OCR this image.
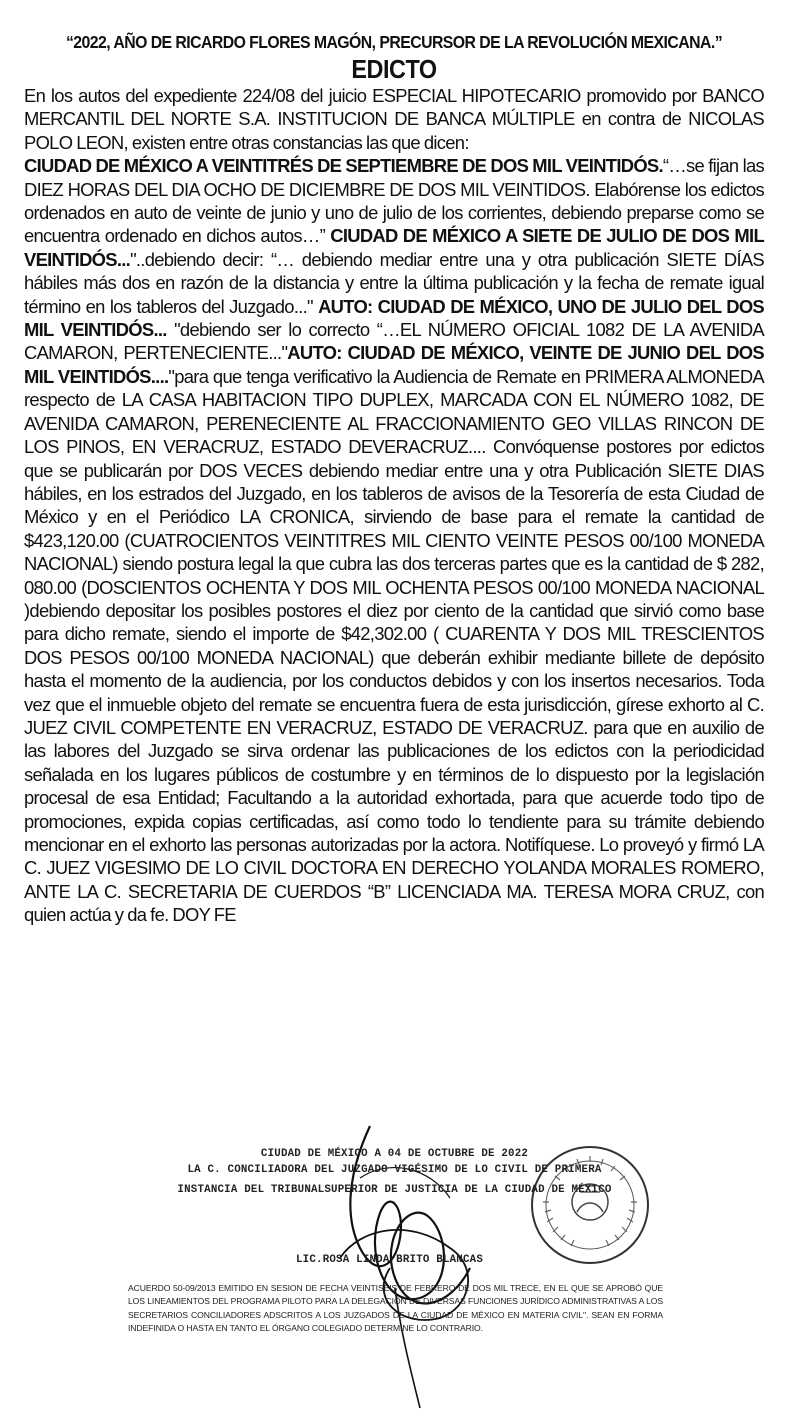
“2022, AÑO DE RICARDO FLORES MAGÓN, PRECURSOR DE LA REVOLUCIÓN MEXICANA.”

EDICTO

En los autos del expediente 224/08 del juicio ESPECIAL HIPOTECARIO promovido por BANCO MERCANTIL DEL NORTE S.A. INSTITUCION DE BANCA MÚLTIPLE en contra de NICOLAS POLO LEON, existen entre otras constancias las que dicen:
CIUDAD DE MÉXICO A VEINTITRÉS DE SEPTIEMBRE DE DOS MIL VEINTIDÓS.“…se fijan las DIEZ HORAS DEL DIA OCHO DE DICIEMBRE DE DOS MIL VEINTIDOS. Elabórense los edictos ordenados en auto de veinte de junio y uno de julio de los corrientes, debiendo preparse como se encuentra ordenado en dichos autos…” CIUDAD DE MÉXICO A SIETE DE JULIO DE DOS MIL VEINTIDÓS..."..debiendo decir: “… debiendo mediar entre una y otra publicación SIETE DÍAS hábiles más dos en razón de la distancia y entre la última publicación y la fecha de remate igual término en los tableros del Juzgado..." AUTO: CIUDAD DE MÉXICO, UNO DE JULIO DEL DOS MIL VEINTIDÓS... "debiendo ser lo correcto “…EL NÚMERO OFICIAL 1082 DE LA AVENIDA CAMARON, PERTENECIENTE..."AUTO: CIUDAD DE MÉXICO, VEINTE DE JUNIO DEL DOS MIL VEINTIDÓS...."para que tenga verificativo la Audiencia de Remate en PRIMERA ALMONEDA respecto de LA CASA HABITACION TIPO DUPLEX, MARCADA CON EL NÚMERO 1082, DE AVENIDA CAMARON, PERENECIENTE AL FRACCIONAMIENTO GEO VILLAS RINCON DE LOS PINOS, EN VERACRUZ, ESTADO DEVERACRUZ.... Convóquense postores por edictos que se publicarán por DOS VECES debiendo mediar entre una y otra Publicación SIETE DIAS hábiles, en los estrados del Juzgado, en los tableros de avisos de la Tesorería de esta Ciudad de México y en el Periódico LA CRONICA, sirviendo de base para el remate la cantidad de $423,120.00 (CUATROCIENTOS VEINTITRES MIL CIENTO VEINTE PESOS 00/100 MONEDA NACIONAL) siendo postura legal la que cubra las dos terceras partes que es la cantidad de $ 282, 080.00 (DOSCIENTOS OCHENTA Y DOS MIL OCHENTA PESOS 00/100 MONEDA NACIONAL )debiendo depositar los posibles postores el diez por ciento de la cantidad que sirvió como base para dicho remate, siendo el importe de $42,302.00 ( CUARENTA Y DOS MIL TRESCIENTOS DOS PESOS 00/100 MONEDA NACIONAL) que deberán exhibir mediante billete de depósito hasta el momento de la audiencia, por los conductos debidos y con los insertos necesarios. Toda vez que el inmueble objeto del remate se encuentra fuera de esta jurisdicción, gírese exhorto al C. JUEZ CIVIL COMPETENTE EN VERACRUZ, ESTADO DE VERACRUZ. para que en auxilio de las labores del Juzgado se sirva ordenar las publicaciones de los edictos con la periodicidad señalada en los lugares públicos de costumbre y en términos de lo dispuesto por la legislación procesal de esa Entidad; Facultando a la autoridad exhortada, para que acuerde todo tipo de promociones, expida copias certificadas, así como todo lo tendiente para su trámite debiendo mencionar en el exhorto las personas autorizadas por la actora. Notifíquese. Lo proveyó y firmó LA C. JUEZ VIGESIMO DE LO CIVIL DOCTORA EN DERECHO YOLANDA MORALES ROMERO, ANTE LA C. SECRETARIA DE CUERDOS “B” LICENCIADA MA. TERESA MORA CRUZ, con quien actúa y da fe. DOY FE

CIUDAD DE MÉXICO A 04 DE OCTUBRE DE 2022
LA C. CONCILIADORA DEL JUZGADO VIGÉSIMO DE LO CIVIL DE PRIMERA
INSTANCIA DEL TRIBUNALSUPERIOR DE JUSTICIA DE LA CIUDAD DE MÉXICO
LIC.ROSA LINDA BRITO BLANCAS
ACUERDO 50-09/2013 EMITIDO EN SESION DE FECHA VEINTISEIS DE FEBRERO DE DOS MIL TRECE, EN EL QUE SE APROBÓ QUE LOS LINEAMIENTOS DEL PROGRAMA PILOTO PARA LA DELEGACIÓN DE DIVERSAS FUNCIONES JURÍDICO ADMINISTRATIVAS A LOS SECRETARIOS CONCILIADORES ADSCRITOS A LOS JUZGADOS DE LA CIUDAD DE MÉXICO EN MATERIA CIVIL". SEAN EN FORMA INDEFINIDA O HASTA EN TANTO EL ÓRGANO COLEGIADO DETERMINE LO CONTRARIO.
